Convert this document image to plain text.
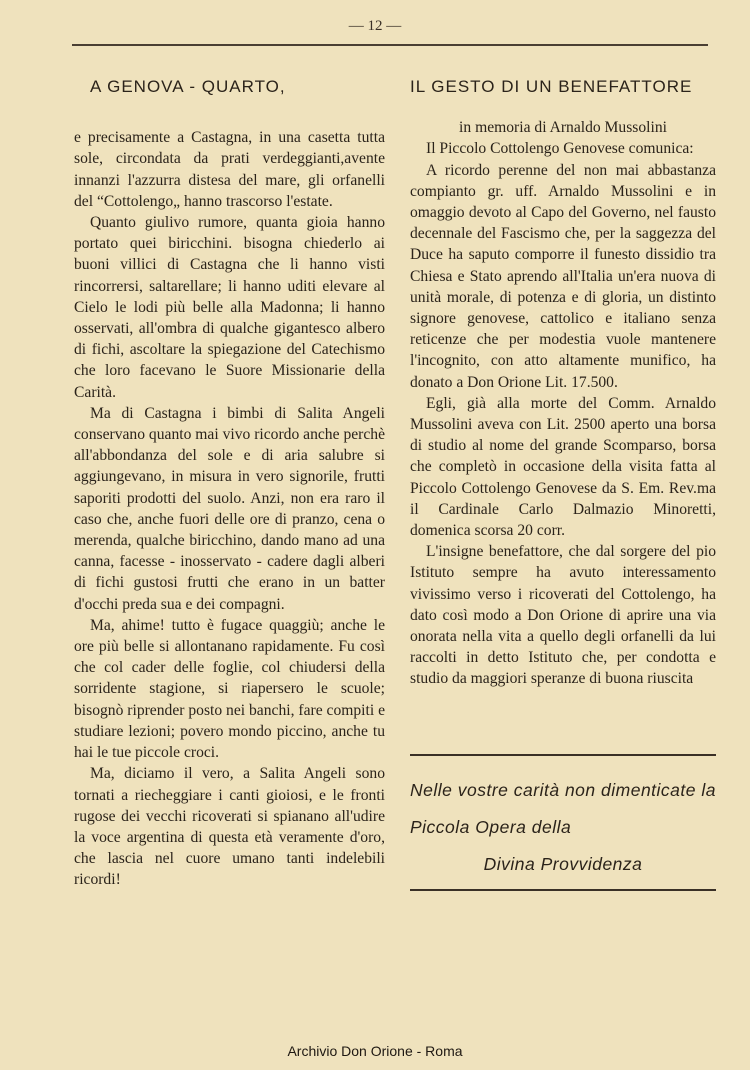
— 12 —
A GENOVA - QUARTO,

e precisamente a Castagna, in una casetta tutta sole, circondata da prati verdeggianti,avente innanzi l'azzurra distesa del mare, gli orfanelli del “Cottolengo„ hanno trascorso l'estate.

Quanto giulivo rumore, quanta gioia hanno portato quei biricchini. bisogna chiederlo ai buoni villici di Castagna che li hanno visti rincorrersi, saltarellare; li hanno uditi elevare al Cielo le lodi più belle alla Madonna; li hanno osservati, all'ombra di qualche gigantesco albero di fichi, ascoltare la spiegazione del Catechismo che loro facevano le Suore Missionarie della Carità.

Ma di Castagna i bimbi di Salita Angeli conservano quanto mai vivo ricordo anche perchè all'abbondanza del sole e di aria salubre si aggiungevano, in misura in vero signorile, frutti saporiti prodotti del suolo. Anzi, non era raro il caso che, anche fuori delle ore di pranzo, cena o merenda, qualche biricchino, dando mano ad una canna, facesse - inosservato - cadere dagli alberi di fichi gustosi frutti che erano in un batter d'occhi preda sua e dei compagni.

Ma, ahime! tutto è fugace quaggiù; anche le ore più belle si allontanano rapidamente. Fu così che col cader delle foglie, col chiudersi della sorridente stagione, si riapersero le scuole; bisognò riprender posto nei banchi, fare compiti e studiare lezioni; povero mondo piccino, anche tu hai le tue piccole croci.

Ma, diciamo il vero, a Salita Angeli sono tornati a riecheggiare i canti gioiosi, e le fronti rugose dei vecchi ricoverati si spianano all'udire la voce argentina di questa età veramente d'oro, che lascia nel cuore umano tanti indelebili ricordi!

IL GESTO DI UN BENEFATTORE

in memoria di Arnaldo Mussolini

Il Piccolo Cottolengo Genovese comunica:

A ricordo perenne del non mai abbastanza compianto gr. uff. Arnaldo Mussolini e in omaggio devoto al Capo del Governo, nel fausto decennale del Fascismo che, per la saggezza del Duce ha saputo comporre il funesto dissidio tra Chiesa e Stato aprendo all'Italia un'era nuova di unità morale, di potenza e di gloria, un distinto signore genovese, cattolico e italiano senza reticenze che per modestia vuole mantenere l'incognito, con atto altamente munifico, ha donato a Don Orione Lit. 17.500.

Egli, già alla morte del Comm. Arnaldo Mussolini aveva con Lit. 2500 aperto una borsa di studio al nome del grande Scomparso, borsa che completò in occasione della visita fatta al Piccolo Cottolengo Genovese da S. Em. Rev.ma il Cardinale Carlo Dalmazio Minoretti, domenica scorsa 20 corr.

L'insigne benefattore, che dal sorgere del pio Istituto sempre ha avuto interessamento vivissimo verso i ricoverati del Cottolengo, ha dato così modo a Don Orione di aprire una via onorata nella vita a quello degli orfanelli da lui raccolti in detto Istituto che, per condotta e studio da maggiori speranze di buona riuscita

Nelle vostre carità non dimenticate la Piccola Opera della
Divina Provvidenza
Archivio Don Orione - Roma
